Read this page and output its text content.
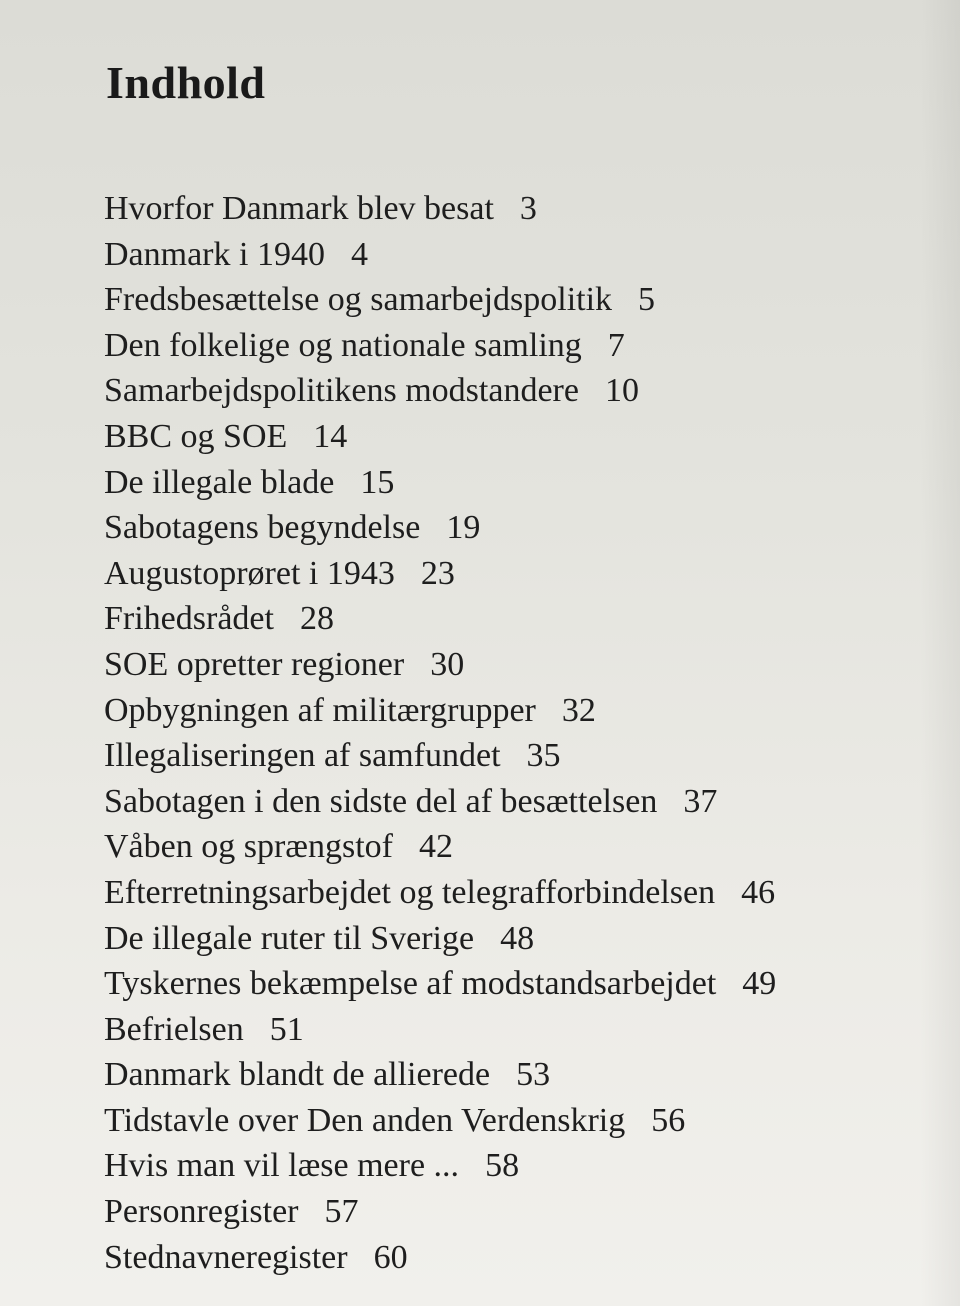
Indhold
Hvorfor Danmark blev besat 3
Danmark i 1940 4
Fredsbesættelse og samarbejdspolitik 5
Den folkelige og nationale samling 7
Samarbejdspolitikens modstandere 10
BBC og SOE 14
De illegale blade 15
Sabotagens begyndelse 19
Augustoprøret i 1943 23
Frihedsrådet 28
SOE opretter regioner 30
Opbygningen af militærgrupper 32
Illegaliseringen af samfundet 35
Sabotagen i den sidste del af besættelsen 37
Våben og sprængstof 42
Efterretningsarbejdet og telegrafforbindelsen 46
De illegale ruter til Sverige 48
Tyskernes bekæmpelse af modstandsarbejdet 49
Befrielsen 51
Danmark blandt de allierede 53
Tidstavle over Den anden Verdenskrig 56
Hvis man vil læse mere ... 58
Personregister 57
Stednavneregister 60
